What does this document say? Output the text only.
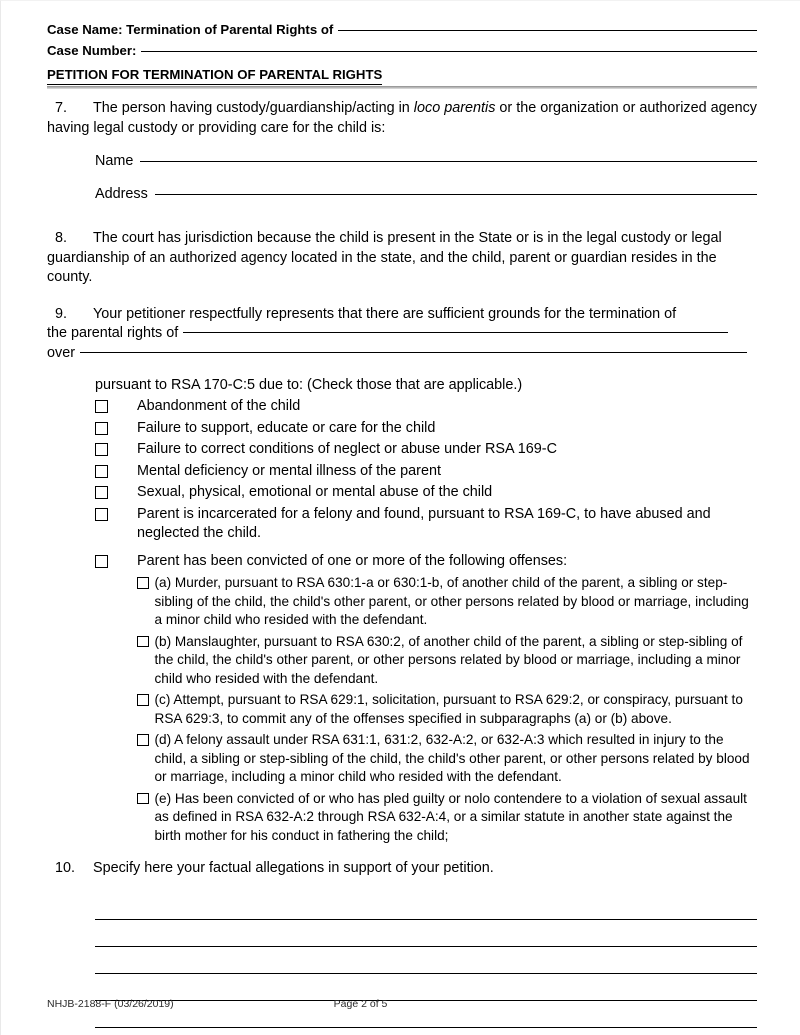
Case Name: Termination of Parental Rights of
Case Number:
PETITION FOR TERMINATION OF PARENTAL RIGHTS

7. The person having custody/guardianship/acting in loco parentis or the organization or authorized agency having legal custody or providing care for the child is:

Name
Address

8. The court has jurisdiction because the child is present in the State or is in the legal custody or legal guardianship of an authorized agency located in the state, and the child, parent or guardian resides in the county.

9. Your petitioner respectfully represents that there are sufficient grounds for the termination of

the parental rights of

over

pursuant to RSA 170-C:5 due to: (Check those that are applicable.)
Abandonment of the child
Failure to support, educate or care for the child
Failure to correct conditions of neglect or abuse under RSA 169-C
Mental deficiency or mental illness of the parent
Sexual, physical, emotional or mental abuse of the child
Parent is incarcerated for a felony and found, pursuant to RSA 169-C, to have abused and neglected the child.
Parent has been convicted of one or more of the following offenses:
(a) Murder, pursuant to RSA 630:1-a or 630:1-b, of another child of the parent, a sibling or step-sibling of the child, the child's other parent, or other persons related by blood or marriage, including a minor child who resided with the defendant.
(b) Manslaughter, pursuant to RSA 630:2, of another child of the parent, a sibling or step-sibling of the child, the child's other parent, or other persons related by blood or marriage, including a minor child who resided with the defendant.
(c) Attempt, pursuant to RSA 629:1, solicitation, pursuant to RSA 629:2, or conspiracy, pursuant to RSA 629:3, to commit any of the offenses specified in subparagraphs (a) or (b) above.
(d) A felony assault under RSA 631:1, 631:2, 632-A:2, or 632-A:3 which resulted in injury to the child, a sibling or step-sibling of the child, the child's other parent, or other persons related by blood or marriage, including a minor child who resided with the defendant.
(e) Has been convicted of or who has pled guilty or nolo contendere to a violation of sexual assault as defined in RSA 632-A:2 through RSA 632-A:4, or a similar statute in another state against the birth mother for his conduct in fathering the child;

10. Specify here your factual allegations in support of your petition.

NHJB-2188-F (03/26/2019)	Page 2 of 5
